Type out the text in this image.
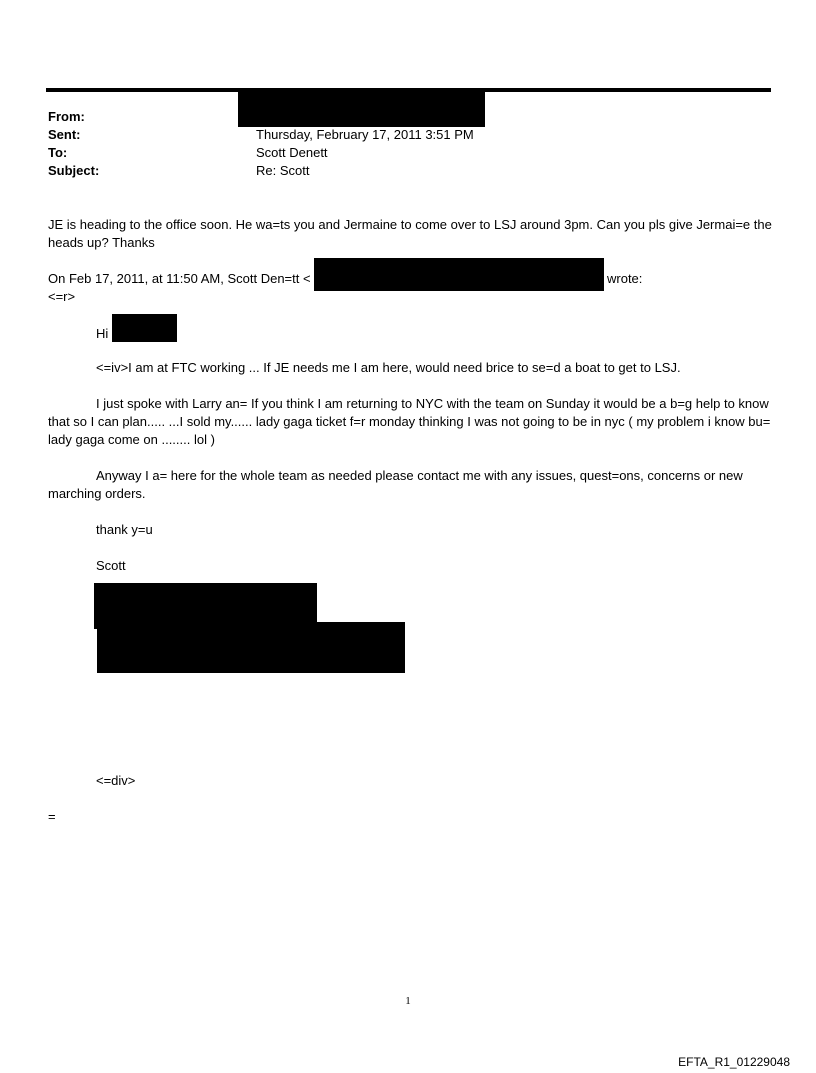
From:
Sent:	Thursday, February 17, 2011 3:51 PM
To:	Scott Denett
Subject:	Re: Scott
JE is heading to the office soon. He wa=ts you and Jermaine to come over to LSJ around 3pm. Can you pls give Jermai=e the heads up? Thanks
On Feb 17, 2011, at 11:50 AM, Scott Den=tt <	wrote:
<=r>
Hi
<=iv>I am at FTC working ... If JE needs me I am here, would need brice to se=d a boat to get to LSJ.
I just spoke with Larry an= If you think I am returning to NYC with the team on Sunday it would be a b=g help to know that so I can plan..... ...I sold my...... lady gaga ticket f=r monday thinking I was not going to be in nyc ( my problem i know bu= lady gaga come on ........ lol )
Anyway I a= here for the whole team as needed please contact me with any issues, quest=ons, concerns or new marching orders.
thank y=u
Scott
<=div>
=
1
EFTA_R1_01229048
